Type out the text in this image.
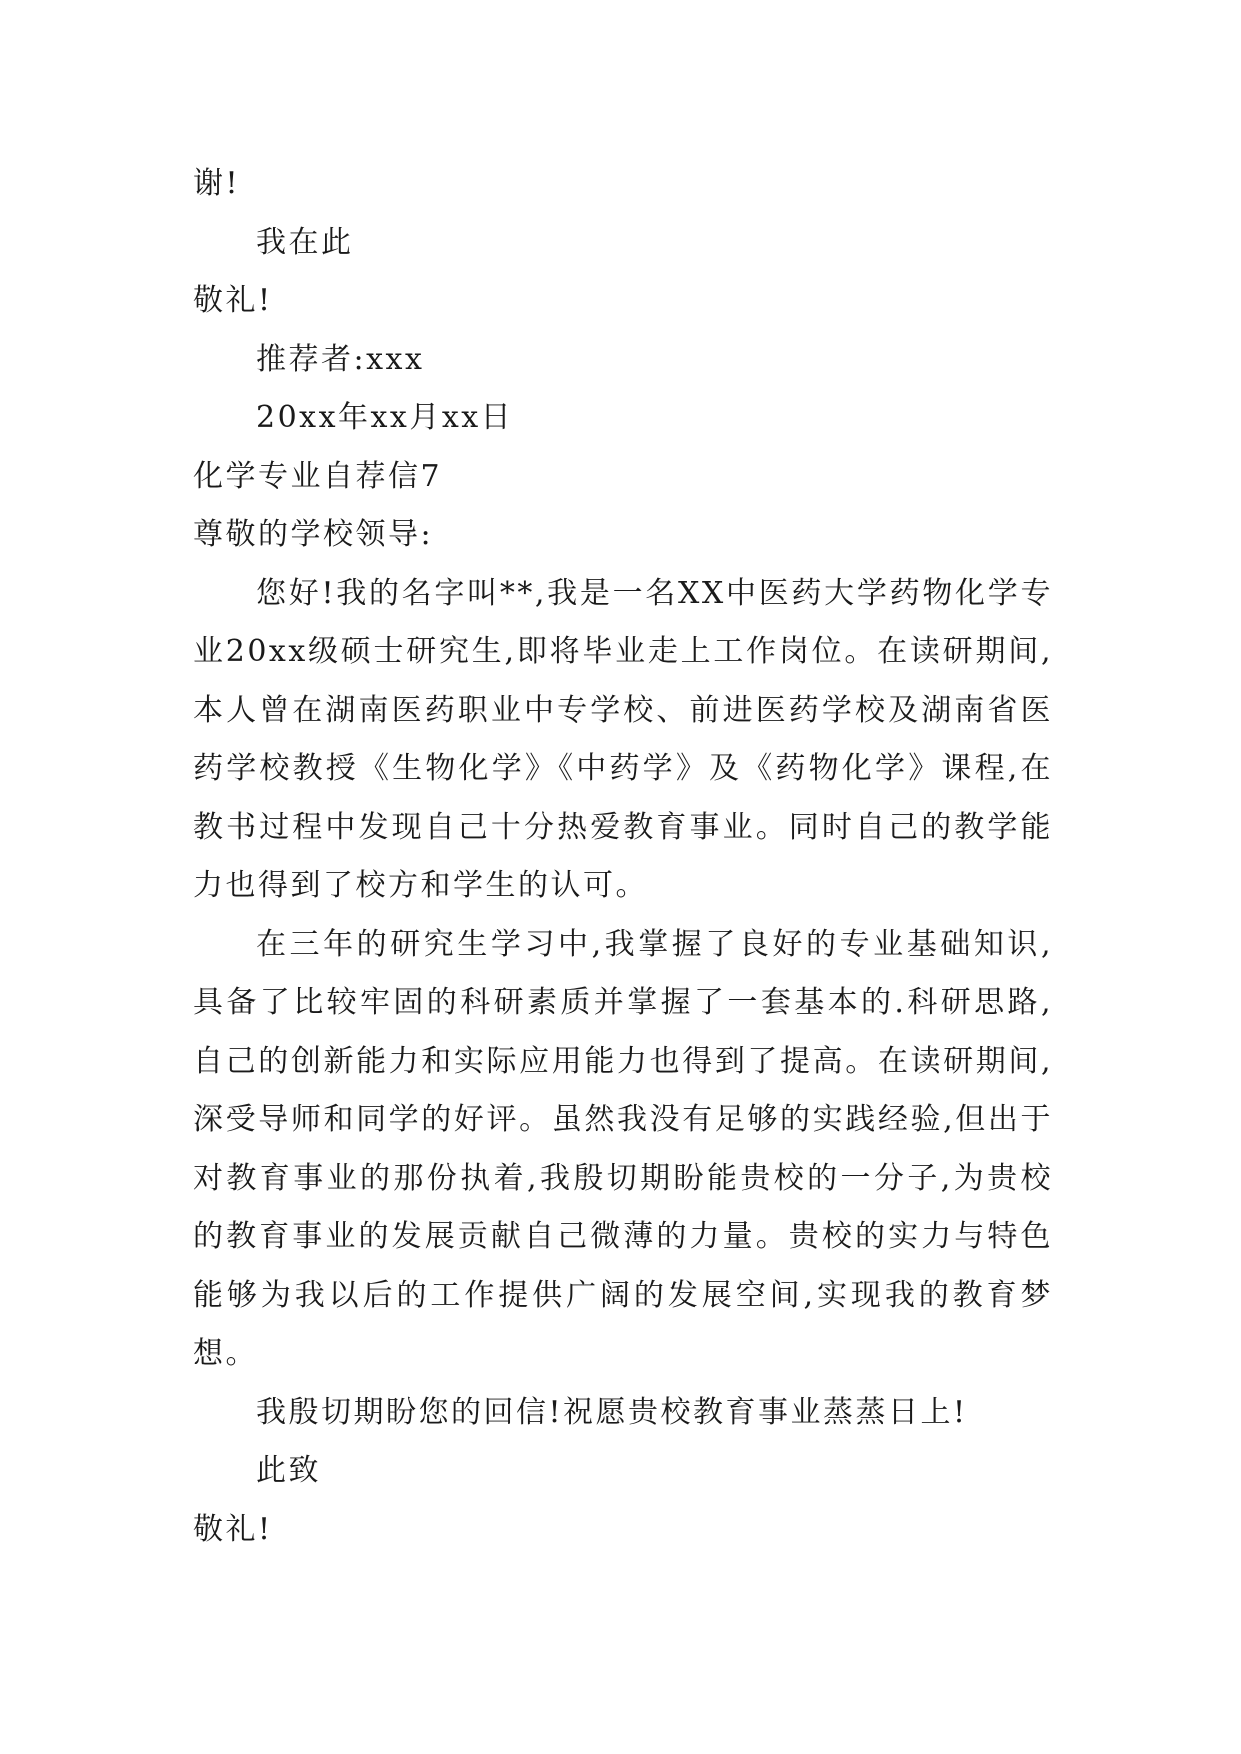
谢!
我在此
敬礼!
推荐者:xxx
20xx年xx月xx日
化学专业自荐信7
尊敬的学校领导:

您好!我的名字叫**,我是一名XX中医药大学药物化学专业20xx级硕士研究生,即将毕业走上工作岗位。在读研期间,本人曾在湖南医药职业中专学校、前进医药学校及湖南省医药学校教授《生物化学》《中药学》及《药物化学》课程,在教书过程中发现自己十分热爱教育事业。同时自己的教学能力也得到了校方和学生的认可。

在三年的研究生学习中,我掌握了良好的专业基础知识,具备了比较牢固的科研素质并掌握了一套基本的.科研思路,自己的创新能力和实际应用能力也得到了提高。在读研期间,深受导师和同学的好评。虽然我没有足够的实践经验,但出于对教育事业的那份执着,我殷切期盼能贵校的一分子,为贵校的教育事业的发展贡献自己微薄的力量。贵校的实力与特色能够为我以后的工作提供广阔的发展空间,实现我的教育梦想。

我殷切期盼您的回信!祝愿贵校教育事业蒸蒸日上!

此致
敬礼!
